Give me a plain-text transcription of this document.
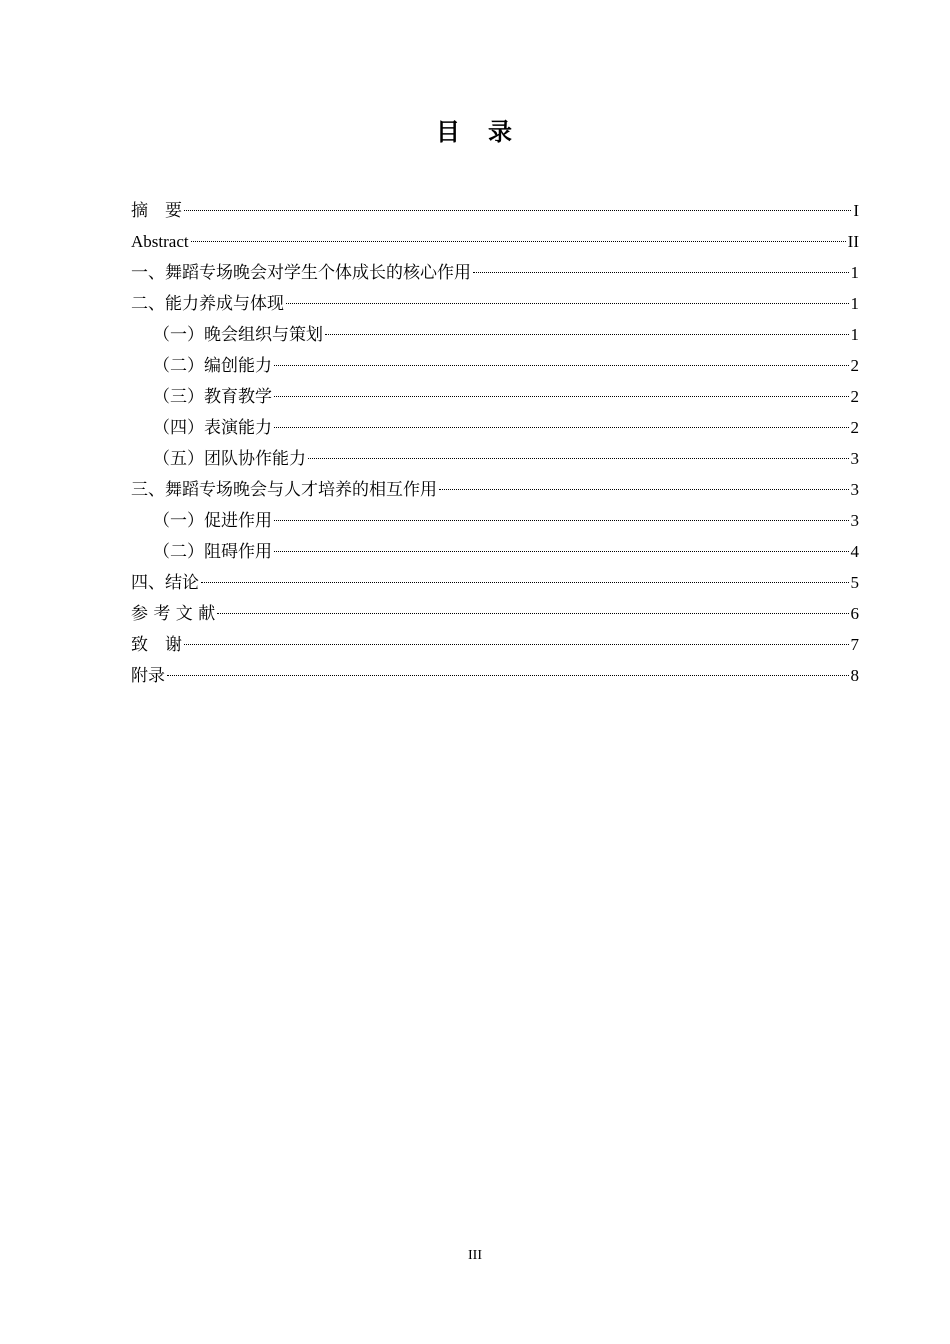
目　录
摘　要	I
Abstract	II
一、舞蹈专场晚会对学生个体成长的核心作用	1
二、能力养成与体现	1
（一）晚会组织与策划	1
（二）编创能力	2
（三）教育教学	2
（四）表演能力	2
（五）团队协作能力	3
三、舞蹈专场晚会与人才培养的相互作用	3
（一）促进作用	3
（二）阻碍作用	4
四、结论	5
参 考 文 献	6
致　谢	7
附录	8
III
